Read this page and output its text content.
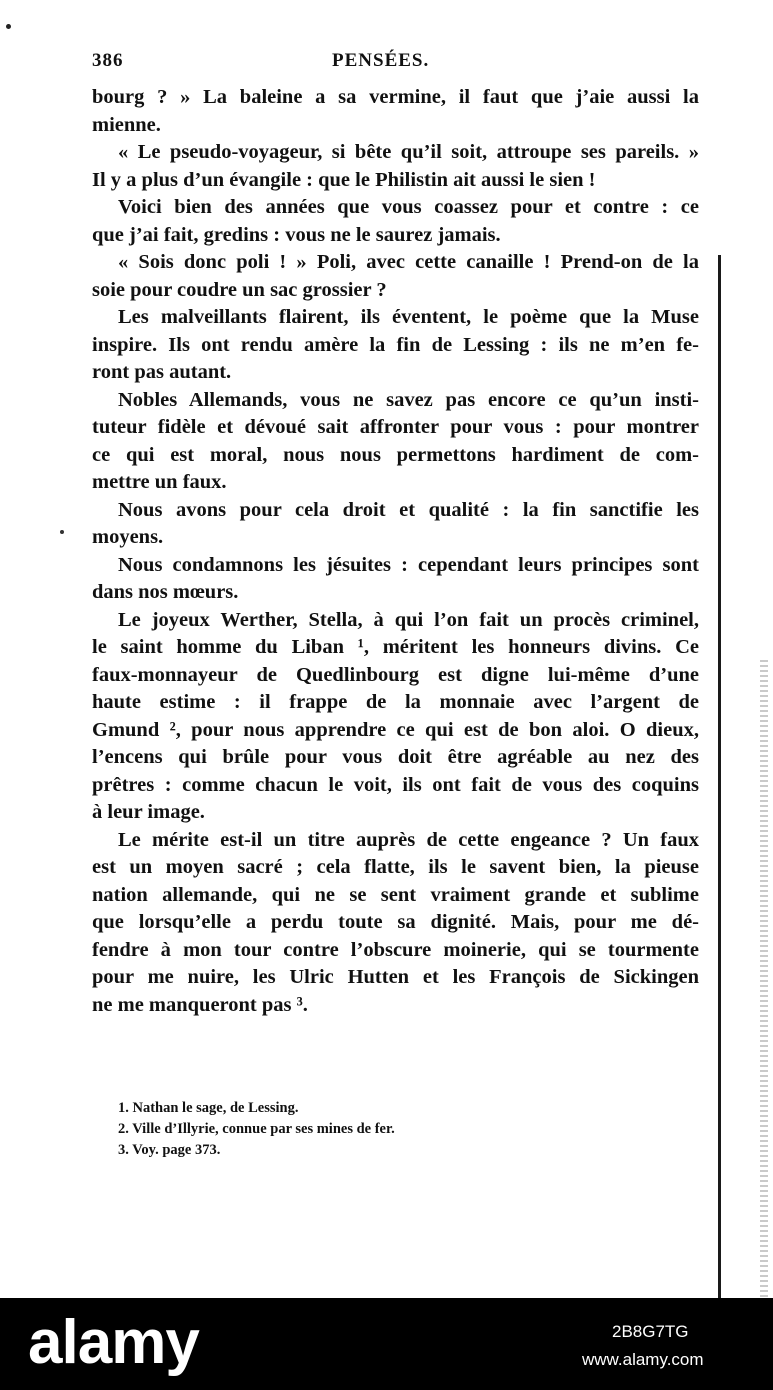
386	PENSÉES.
bourg ? » La baleine a sa vermine, il faut que j’aie aussi la
mienne.
« Le pseudo-voyageur, si bête qu’il soit, attroupe ses pareils. »
Il y a plus d’un évangile : que le Philistin ait aussi le sien !
Voici bien des années que vous coassez pour et contre : ce
que j’ai fait, gredins : vous ne le saurez jamais.
« Sois donc poli ! » Poli, avec cette canaille ! Prend-on de la
soie pour coudre un sac grossier ?
Les malveillants flairent, ils éventent, le poème que la Muse
inspire. Ils ont rendu amère la fin de Lessing : ils ne m’en fe-
ront pas autant.
Nobles Allemands, vous ne savez pas encore ce qu’un insti-
tuteur fidèle et dévoué sait affronter pour vous : pour montrer
ce qui est moral, nous nous permettons hardiment de com-
mettre un faux.
Nous avons pour cela droit et qualité : la fin sanctifie les
moyens.
Nous condamnons les jésuites : cependant leurs principes sont
dans nos mœurs.
Le joyeux Werther, Stella, à qui l’on fait un procès criminel,
le saint homme du Liban ¹, méritent les honneurs divins. Ce
faux-monnayeur de Quedlinbourg est digne lui-même d’une
haute estime : il frappe de la monnaie avec l’argent de
Gmund ², pour nous apprendre ce qui est de bon aloi. O dieux,
l’encens qui brûle pour vous doit être agréable au nez des
prêtres : comme chacun le voit, ils ont fait de vous des coquins
à leur image.
Le mérite est-il un titre auprès de cette engeance ? Un faux
est un moyen sacré ; cela flatte, ils le savent bien, la pieuse
nation allemande, qui ne se sent vraiment grande et sublime
que lorsqu’elle a perdu toute sa dignité. Mais, pour me dé-
fendre à mon tour contre l’obscure moinerie, qui se tourmente
pour me nuire, les Ulric Hutten et les François de Sickingen
ne me manqueront pas ³.
1. Nathan le sage, de Lessing.
2. Ville d’Illyrie, connue par ses mines de fer.
3. Voy. page 373.
alamy	2B8G7TG
www.alamy.com
